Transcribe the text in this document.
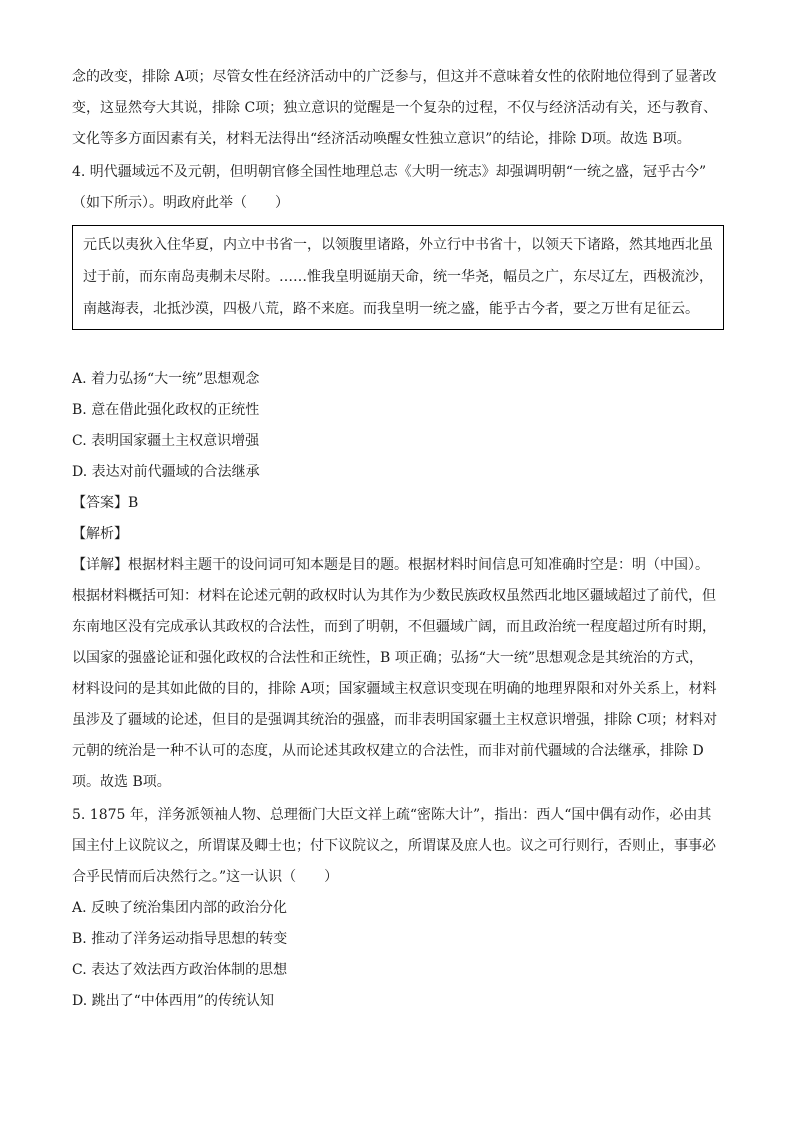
念的改变，排除 A项；尽管女性在经济活动中的广泛参与，但这并不意味着女性的依附地位得到了显著改

变，这显然夸大其说，排除 C项；独立意识的觉醒是一个复杂的过程，不仅与经济活动有关，还与教育、

文化等多方面因素有关，材料无法得出“经济活动唤醒女性独立意识”的结论，排除 D项。故选 B项。

4. 明代疆域远不及元朝，但明朝官修全国性地理总志《大明一统志》却强调明朝“一统之盛，冠乎古今”

（如下所示）。明政府此举（　　）

元氏以夷狄入住华夏，内立中书省一，以领腹里诸路，外立行中书省十，以领天下诸路，然其地西北虽

过于前，而东南岛夷刜未尽附。……惟我皇明诞崩天命，统一华尧，幅员之广，东尽辽左，西极流沙，

南越海表，北抵沙漠，四极八荒，路不来庭。而我皇明一统之盛，能乎古今者，要之万世有足征云。

A. 着力弘扬“大一统”思想观念

B. 意在借此强化政权的正统性

C. 表明国家疆土主权意识增强

D. 表达对前代疆域的合法继承

【答案】B

【解析】

【详解】根据材料主题干的设问词可知本题是目的题。根据材料时间信息可知准确时空是：明（中国）。

根据材料概括可知：材料在论述元朝的政权时认为其作为少数民族政权虽然西北地区疆域超过了前代，但

东南地区没有完成承认其政权的合法性，而到了明朝，不但疆域广阔，而且政治统一程度超过所有时期，

以国家的强盛论证和强化政权的合法性和正统性，B 项正确；弘扬“大一统”思想观念是其统治的方式，

材料设问的是其如此做的目的，排除 A项；国家疆域主权意识变现在明确的地理界限和对外关系上，材料

虽涉及了疆域的论述，但目的是强调其统治的强盛，而非表明国家疆土主权意识增强，排除 C项；材料对

元朝的统治是一种不认可的态度，从而论述其政权建立的合法性，而非对前代疆域的合法继承，排除 D

项。故选 B项。

5. 1875 年，洋务派领袖人物、总理衙门大臣文祥上疏“密陈大计”，指出：西人“国中偶有动作，必由其

国主付上议院议之，所谓谋及卿士也；付下议院议之，所谓谋及庶人也。议之可行则行，否则止，事事必

合乎民情而后决然行之。”这一认识（　　）

A. 反映了统治集团内部的政治分化

B. 推动了洋务运动指导思想的转变

C. 表达了效法西方政治体制的思想

D. 跳出了“中体西用”的传统认知
